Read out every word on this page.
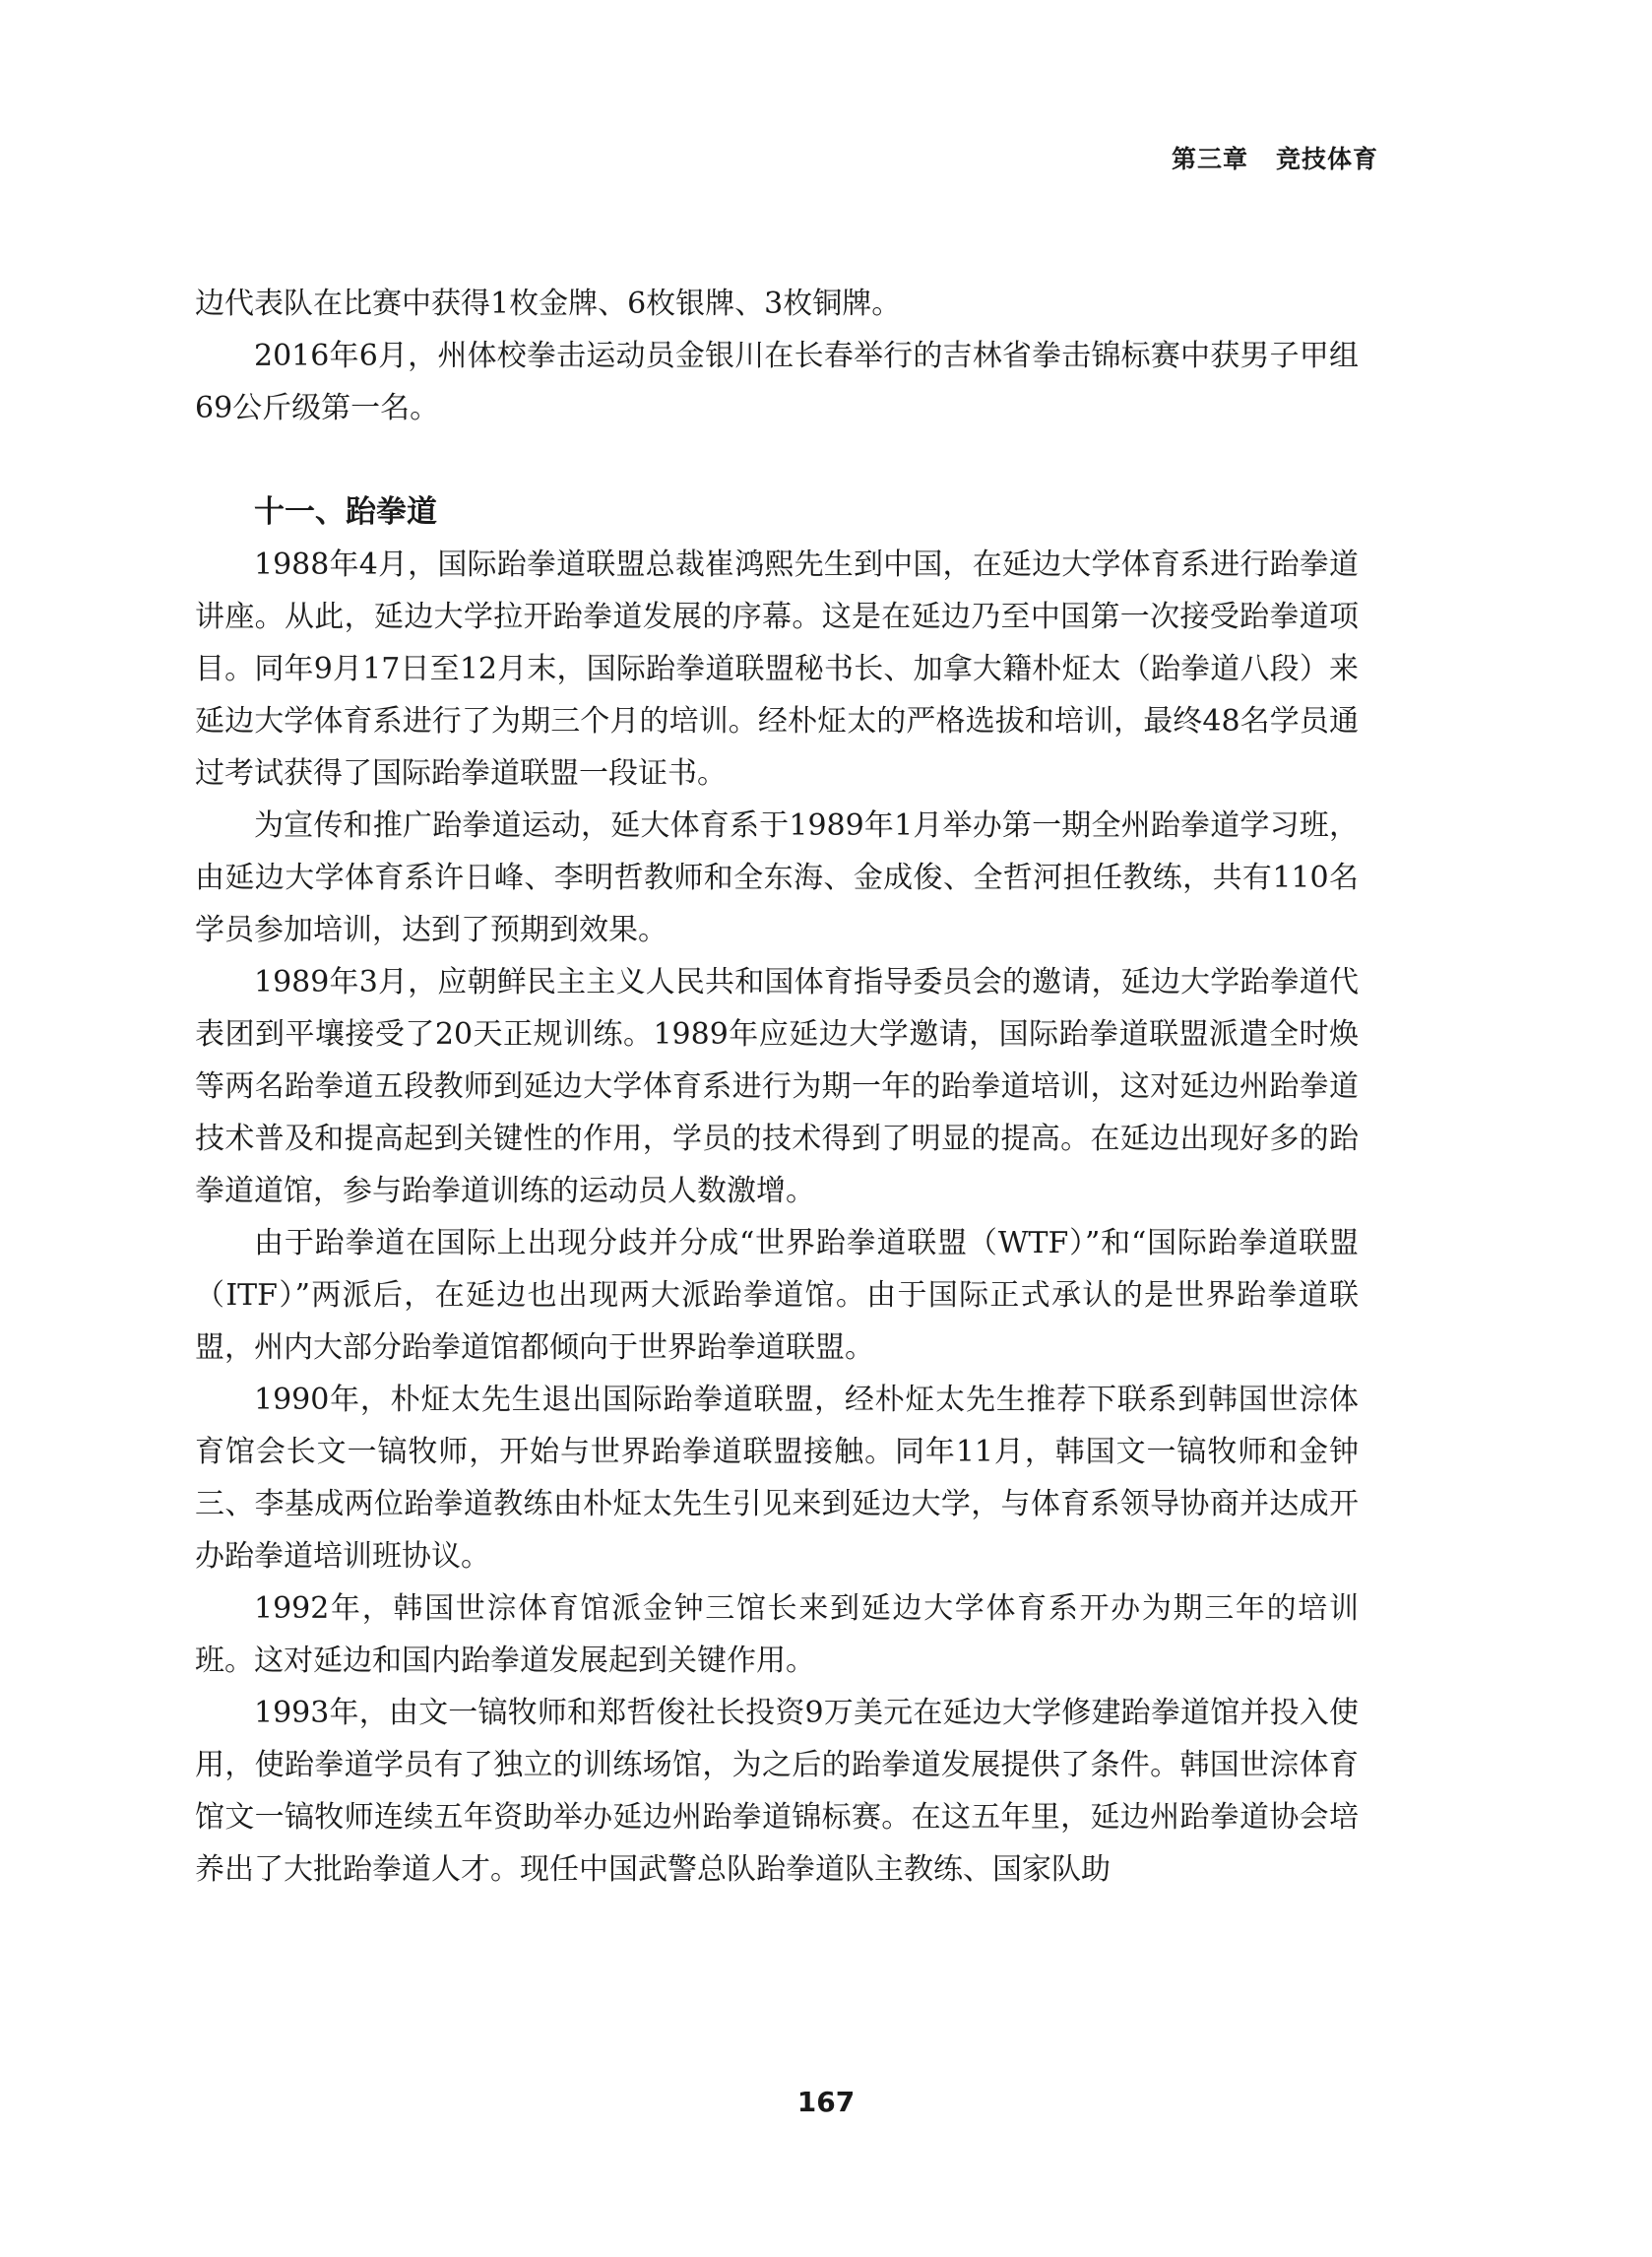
第三章 竞技体育

边代表队在比赛中获得1枚金牌、6枚银牌、3枚铜牌。

2016年6月，州体校拳击运动员金银川在长春举行的吉林省拳击锦标赛中获男子甲组69公斤级第一名。

十一、跆拳道

1988年4月，国际跆拳道联盟总裁崔鸿熙先生到中国，在延边大学体育系进行跆拳道讲座。从此，延边大学拉开跆拳道发展的序幕。这是在延边乃至中国第一次接受跆拳道项目。同年9月17日至12月末，国际跆拳道联盟秘书长、加拿大籍朴炡太（跆拳道八段）来延边大学体育系进行了为期三个月的培训。经朴炡太的严格选拔和培训，最终48名学员通过考试获得了国际跆拳道联盟一段证书。

为宣传和推广跆拳道运动，延大体育系于1989年1月举办第一期全州跆拳道学习班，由延边大学体育系许日峰、李明哲教师和全东海、金成俊、全哲河担任教练，共有110名学员参加培训，达到了预期到效果。

1989年3月，应朝鲜民主主义人民共和国体育指导委员会的邀请，延边大学跆拳道代表团到平壤接受了20天正规训练。1989年应延边大学邀请，国际跆拳道联盟派遣全时焕等两名跆拳道五段教师到延边大学体育系进行为期一年的跆拳道培训，这对延边州跆拳道技术普及和提高起到关键性的作用，学员的技术得到了明显的提高。在延边出现好多的跆拳道道馆，参与跆拳道训练的运动员人数激增。

由于跆拳道在国际上出现分歧并分成“世界跆拳道联盟（WTF）”和“国际跆拳道联盟（ITF）”两派后，在延边也出现两大派跆拳道馆。由于国际正式承认的是世界跆拳道联盟，州内大部分跆拳道馆都倾向于世界跆拳道联盟。

1990年，朴炡太先生退出国际跆拳道联盟，经朴炡太先生推荐下联系到韩国世淙体育馆会长文一镐牧师，开始与世界跆拳道联盟接触。同年11月，韩国文一镐牧师和金钟三、李基成两位跆拳道教练由朴炡太先生引见来到延边大学，与体育系领导协商并达成开办跆拳道培训班协议。

1992年，韩国世淙体育馆派金钟三馆长来到延边大学体育系开办为期三年的培训班。这对延边和国内跆拳道发展起到关键作用。

1993年，由文一镐牧师和郑哲俊社长投资9万美元在延边大学修建跆拳道馆并投入使用，使跆拳道学员有了独立的训练场馆，为之后的跆拳道发展提供了条件。韩国世淙体育馆文一镐牧师连续五年资助举办延边州跆拳道锦标赛。在这五年里，延边州跆拳道协会培养出了大批跆拳道人才。现任中国武警总队跆拳道队主教练、国家队助

167
